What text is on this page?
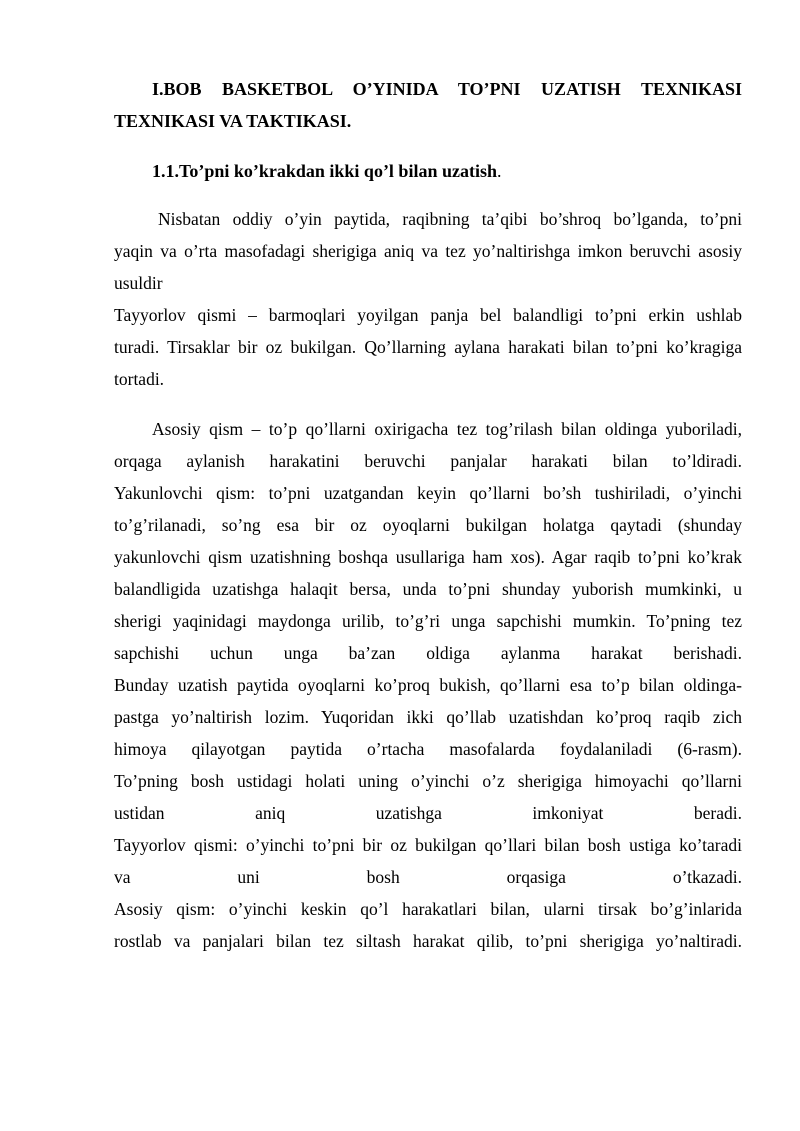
I.BOB BASKETBOL O’YINIDA TO’PNI UZATISH TEXNIKASI
TEXNIKASI VA TAKTIKASI.
1.1.To’pni ko’krakdan ikki qo’l bilan uzatish.
Nisbatan oddiy o’yin paytida, raqibning ta’qibi bo’shroq bo’lganda, to’pni
yaqin va o’rta masofadagi sherigiga aniq va tez yo’naltirishga imkon beruvchi asosiy
usuldir
Tayyorlov qismi – barmoqlari yoyilgan panja bel balandligi to’pni erkin ushlab
turadi. Tirsaklar bir oz bukilgan. Qo’llarning aylana harakati bilan to’pni ko’kragiga
tortadi.
Asosiy qism – to’p qo’llarni oxirigacha tez tog’rilash bilan oldinga yuboriladi,
orqaga aylanish harakatini beruvchi panjalar harakati bilan to’ldiradi.
Yakunlovchi qism: to’pni uzatgandan keyin qo’llarni bo’sh tushiriladi, o’yinchi
to’g’rilanadi, so’ng esa bir oz oyoqlarni bukilgan holatga qaytadi (shunday
yakunlovchi qism uzatishning boshqa usullariga ham xos). Agar raqib to’pni ko’krak
balandligida uzatishga halaqit bersa, unda to’pni shunday yuborish mumkinki, u
sherigi yaqinidagi maydonga urilib, to’g’ri unga sapchishi mumkin. To’pning tez
sapchishi uchun unga ba’zan oldiga aylanma harakat berishadi.
Bunday uzatish paytida oyoqlarni ko’proq bukish, qo’llarni esa to’p bilan oldinga-
pastga yo’naltirish lozim. Yuqoridan ikki qo’llab uzatishdan ko’proq raqib zich
himoya qilayotgan paytida o’rtacha masofalarda foydalaniladi (6-rasm).
To’pning bosh ustidagi holati uning o’yinchi o’z sherigiga himoyachi qo’llarni
ustidan aniq uzatishga imkoniyat beradi.
Tayyorlov qismi: o’yinchi to’pni bir oz bukilgan qo’llari bilan bosh ustiga ko’taradi
va uni bosh orqasiga o’tkazadi.
Asosiy qism: o’yinchi keskin qo’l harakatlari bilan, ularni tirsak bo’g’inlarida
rostlab va panjalari bilan tez siltash harakat qilib, to’pni sherigiga yo’naltiradi.
